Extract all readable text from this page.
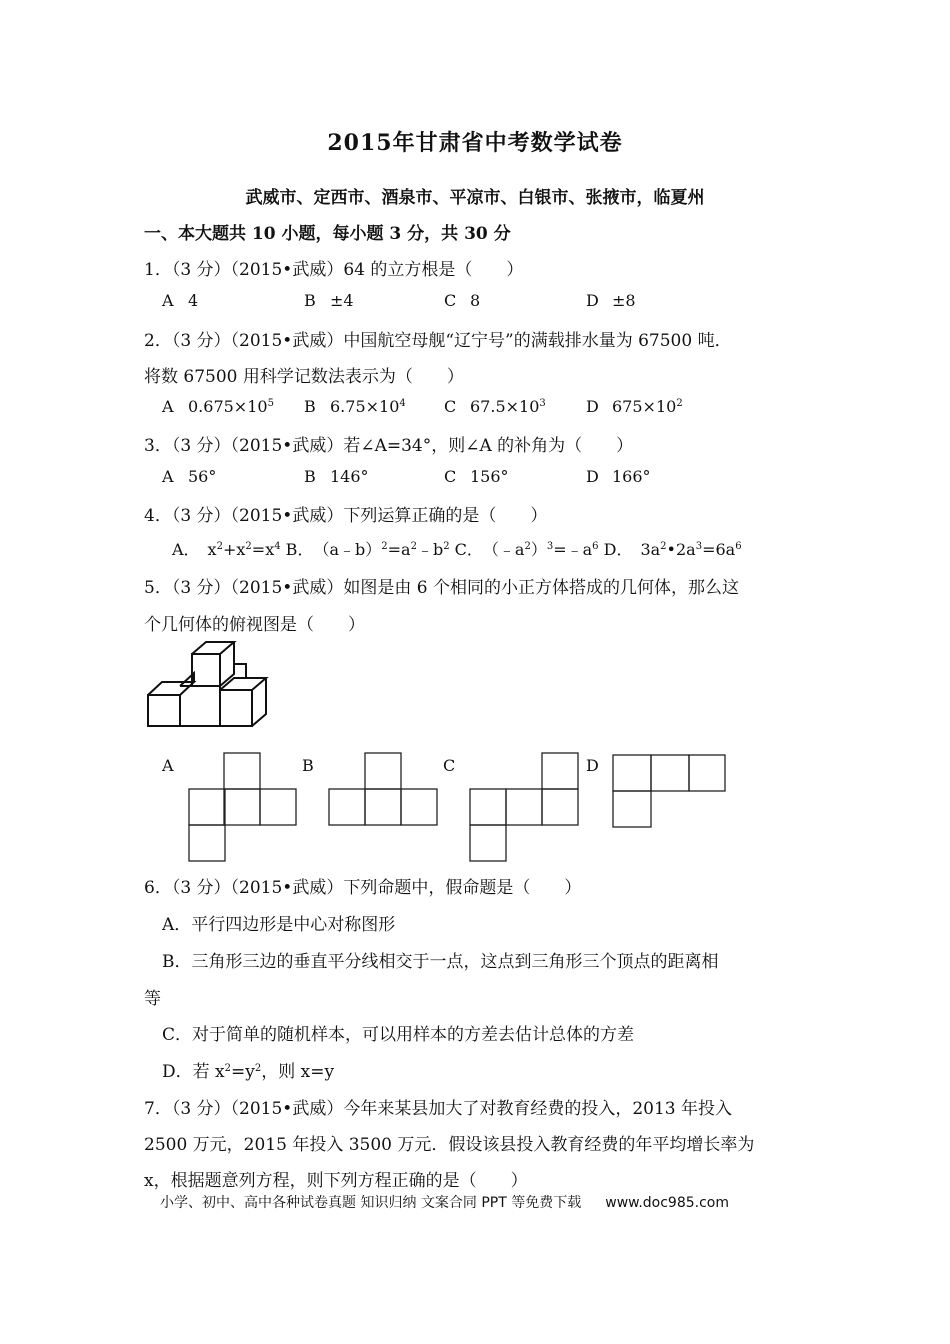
2015年甘肃省中考数学试卷
武威市、定西市、酒泉市、平凉市、白银市、张掖市，临夏州
一、本大题共 10 小题，每小题 3 分，共 30 分
1．（3 分）（2015•武威）64 的立方根是（　　）
A 4	B ±4	C 8	D ±8
2．（3 分）（2015•武威）中国航空母舰“辽宁号”的满载排水量为 67500 吨．
将数 67500 用科学记数法表示为（　　）
A $0.675\times 10^5$ B $6.75\times 10^4$ C $67.5\times 10^3$	D $675\times 10^2$
3．（3 分）（2015•武威）若∠A=34°，则∠A 的补角为（　　）
A 56°	B 146°	C 156°	D 166°
4．（3 分）（2015•武威）下列运算正确的是（　　）
A．　$x^2+x^2=x^4$ B．　$(a﹣b)^2=a^2﹣b^2$ C．　$(﹣a^2)^3=﹣a^6$ D．　$3a^2•2a^3=6a^6$
5．（3 分）（2015•武威）如图是由 6 个相同的小正方体搭成的几何体，那么这
个几何体的俯视图是（　　）
A	B	C	D
6．（3 分）（2015•武威）下列命题中，假命题是（　　）
A．平行四边形是中心对称图形
B．三角形三边的垂直平分线相交于一点，这点到三角形三个顶点的距离相
等
C．对于简单的随机样本，可以用样本的方差去估计总体的方差
D．若 $x^2=y^2$，则 x=y
7．（3 分）（2015•武威）今年来某县加大了对教育经费的投入，2013 年投入
2500 万元，2015 年投入 3500 万元．假设该县投入教育经费的年平均增长率为
x，根据题意列方程，则下列方程正确的是（　　）
小学、初中、高中各种试卷真题 知识归纳 文案合同 PPT 等免费下载 www.doc985.com
